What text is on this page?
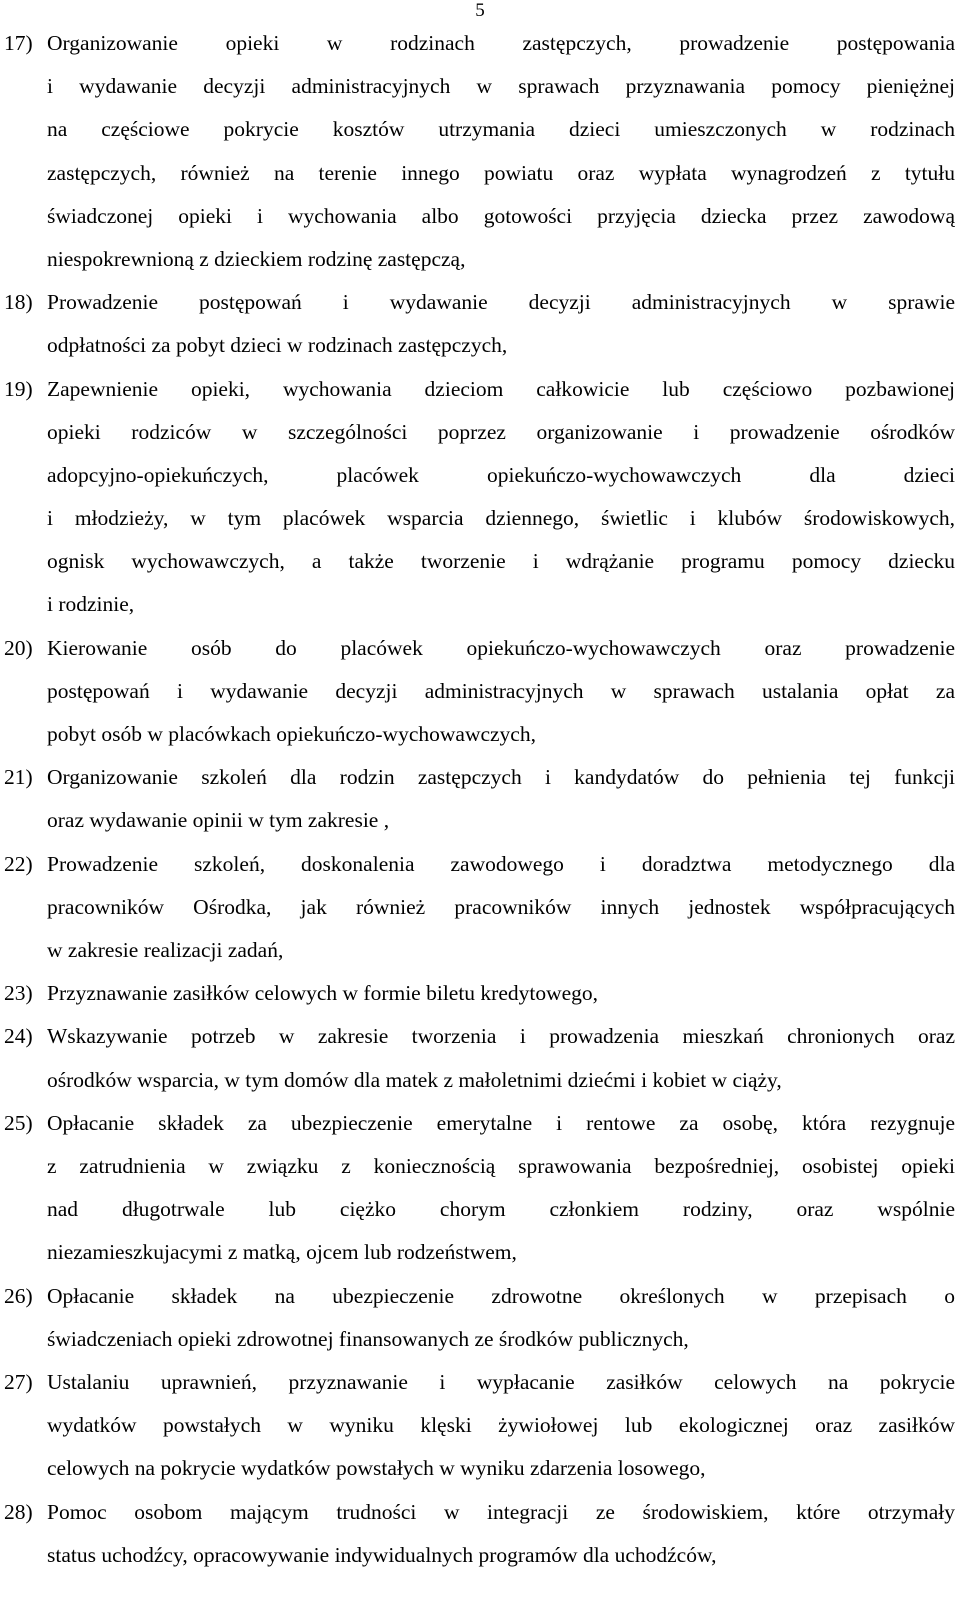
5
17) Organizowanie opieki w rodzinach zastępczych, prowadzenie postępowania
i wydawanie decyzji administracyjnych w sprawach przyznawania pomocy pieniężnej
na częściowe pokrycie kosztów utrzymania dzieci umieszczonych w rodzinach
zastępczych, również na terenie innego powiatu oraz wypłata wynagrodzeń z tytułu
świadczonej opieki i wychowania albo gotowości przyjęcia dziecka przez zawodową
niespokrewnioną z dzieckiem rodzinę zastępczą,
18) Prowadzenie postępowań i wydawanie decyzji administracyjnych w sprawie
odpłatności za pobyt dzieci w rodzinach zastępczych,
19) Zapewnienie opieki, wychowania dzieciom całkowicie lub częściowo pozbawionej
opieki rodziców w szczególności poprzez organizowanie i prowadzenie ośrodków
adopcyjno-opiekuńczych, placówek opiekuńczo-wychowawczych dla dzieci
i młodzieży, w tym placówek wsparcia dziennego, świetlic i klubów środowiskowych,
ognisk wychowawczych, a także tworzenie i wdrążanie programu pomocy dziecku
i rodzinie,
20) Kierowanie osób do placówek opiekuńczo-wychowawczych oraz prowadzenie
postępowań i wydawanie decyzji administracyjnych w sprawach ustalania opłat za
pobyt osób w placówkach opiekuńczo-wychowawczych,
21) Organizowanie szkoleń dla rodzin zastępczych i kandydatów do pełnienia tej funkcji
oraz wydawanie opinii w tym zakresie ,
22) Prowadzenie szkoleń, doskonalenia zawodowego i doradztwa metodycznego dla
pracowników Ośrodka, jak również pracowników innych jednostek współpracujących
w zakresie realizacji zadań,
23) Przyznawanie zasiłków celowych w formie biletu kredytowego,
24) Wskazywanie potrzeb w zakresie tworzenia i prowadzenia mieszkań chronionych oraz
ośrodków wsparcia, w tym domów dla matek z małoletnimi dziećmi i kobiet w ciąży,
25) Opłacanie składek za ubezpieczenie emerytalne i rentowe za osobę, która rezygnuje
z zatrudnienia w związku z koniecznością sprawowania bezpośredniej, osobistej opieki
nad długotrwale lub ciężko chorym członkiem rodziny, oraz wspólnie
niezamieszkujacymi z matką, ojcem lub rodzeństwem,
26) Opłacanie składek na ubezpieczenie zdrowotne określonych w przepisach o
świadczeniach opieki zdrowotnej finansowanych ze środków publicznych,
27) Ustalaniu uprawnień, przyznawanie i wypłacanie zasiłków celowych na pokrycie
wydatków powstałych w wyniku klęski żywiołowej lub ekologicznej oraz zasiłków
celowych na pokrycie wydatków powstałych w wyniku zdarzenia losowego,
28) Pomoc osobom mającym trudności w integracji ze środowiskiem, które otrzymały
status uchodźcy, opracowywanie indywidualnych programów dla uchodźców,
